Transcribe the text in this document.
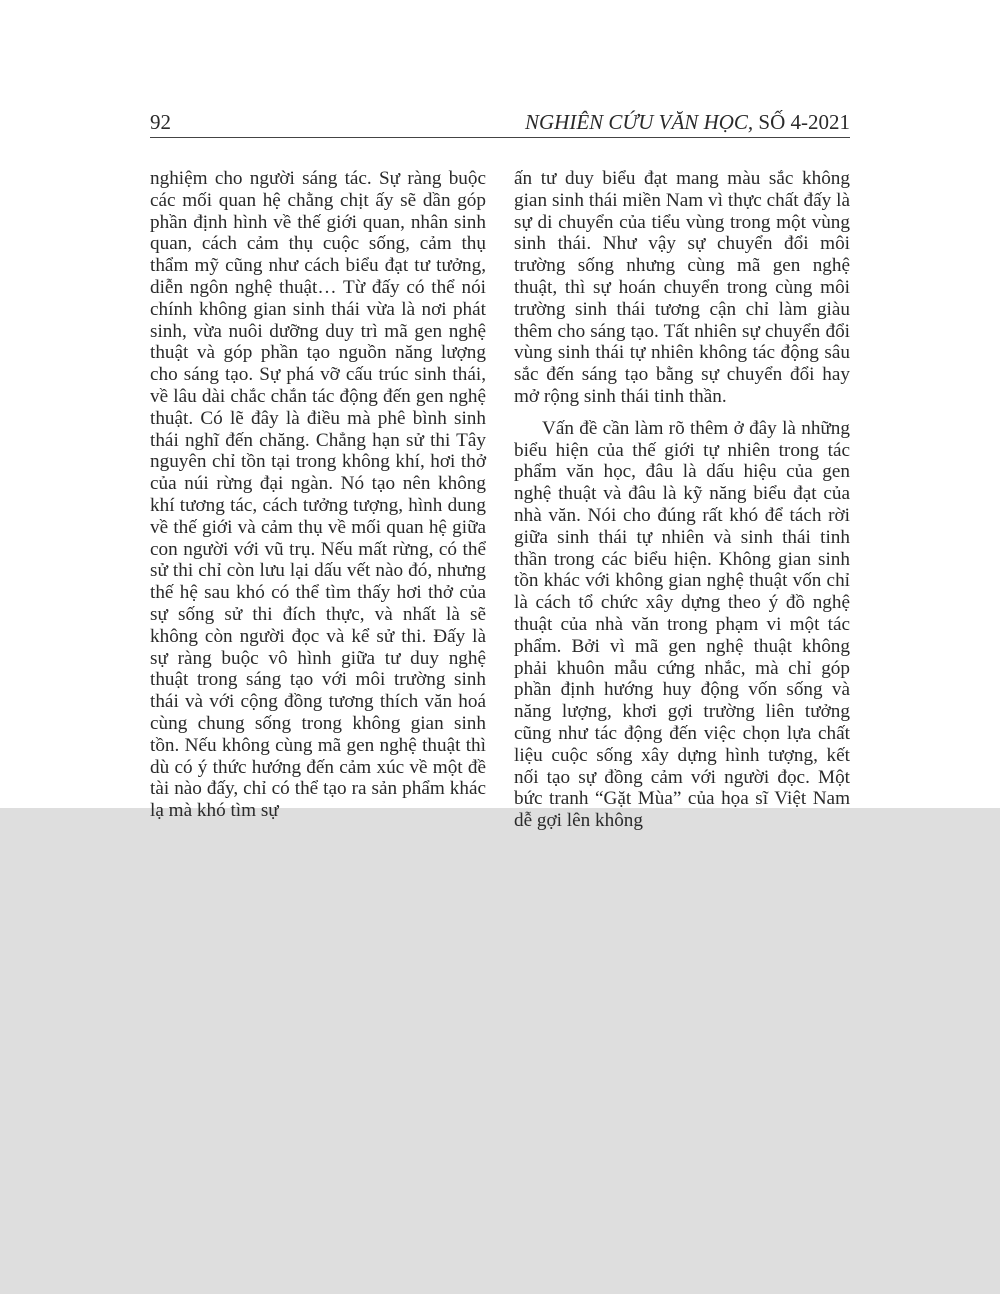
92	NGHIÊN CỨU VĂN HỌC, SỐ 4-2021

nghiệm cho người sáng tác. Sự ràng buộc các mối quan hệ chằng chịt ấy sẽ dần góp phần định hình về thế giới quan, nhân sinh quan, cách cảm thụ cuộc sống, cảm thụ thẩm mỹ cũng như cách biểu đạt tư tưởng, diễn ngôn nghệ thuật… Từ đấy có thể nói chính không gian sinh thái vừa là nơi phát sinh, vừa nuôi dưỡng duy trì mã gen nghệ thuật và góp phần tạo nguồn năng lượng cho sáng tạo. Sự phá vỡ cấu trúc sinh thái, về lâu dài chắc chắn tác động đến gen nghệ thuật. Có lẽ đây là điều mà phê bình sinh thái nghĩ đến chăng. Chẳng hạn sử thi Tây nguyên chỉ tồn tại trong không khí, hơi thở của núi rừng đại ngàn. Nó tạo nên không khí tương tác, cách tưởng tượng, hình dung về thế giới và cảm thụ về mối quan hệ giữa con người với vũ trụ. Nếu mất rừng, có thể sử thi chỉ còn lưu lại dấu vết nào đó, nhưng thế hệ sau khó có thể tìm thấy hơi thở của sự sống sử thi đích thực, và nhất là sẽ không còn người đọc và kể sử thi. Đấy là sự ràng buộc vô hình giữa tư duy nghệ thuật trong sáng tạo với môi trường sinh thái và với cộng đồng tương thích văn hoá cùng chung sống trong không gian sinh tồn. Nếu không cùng mã gen nghệ thuật thì dù có ý thức hướng đến cảm xúc về một đề tài nào đấy, chỉ có thể tạo ra sản phẩm khác lạ mà khó tìm sự

ấn tư duy biểu đạt mang màu sắc không gian sinh thái miền Nam vì thực chất đấy là sự di chuyển của tiểu vùng trong một vùng sinh thái. Như vậy sự chuyển đổi môi trường sống nhưng cùng mã gen nghệ thuật, thì sự hoán chuyển trong cùng môi trường sinh thái tương cận chỉ làm giàu thêm cho sáng tạo. Tất nhiên sự chuyển đổi vùng sinh thái tự nhiên không tác động sâu sắc đến sáng tạo bằng sự chuyển đổi hay mở rộng sinh thái tinh thần.

Vấn đề cần làm rõ thêm ở đây là những biểu hiện của thế giới tự nhiên trong tác phẩm văn học, đâu là dấu hiệu của gen nghệ thuật và đâu là kỹ năng biểu đạt của nhà văn. Nói cho đúng rất khó để tách rời giữa sinh thái tự nhiên và sinh thái tinh thần trong các biểu hiện. Không gian sinh tồn khác với không gian nghệ thuật vốn chỉ là cách tổ chức xây dựng theo ý đồ nghệ thuật của nhà văn trong phạm vi một tác phẩm. Bởi vì mã gen nghệ thuật không phải khuôn mẫu cứng nhắc, mà chỉ góp phần định hướng huy động vốn sống và năng lượng, khơi gợi trường liên tưởng cũng như tác động đến việc chọn lựa chất liệu cuộc sống xây dựng hình tượng, kết nối tạo sự đồng cảm với người đọc. Một bức tranh “Gặt Mùa” của họa sĩ Việt Nam dễ gợi lên không
